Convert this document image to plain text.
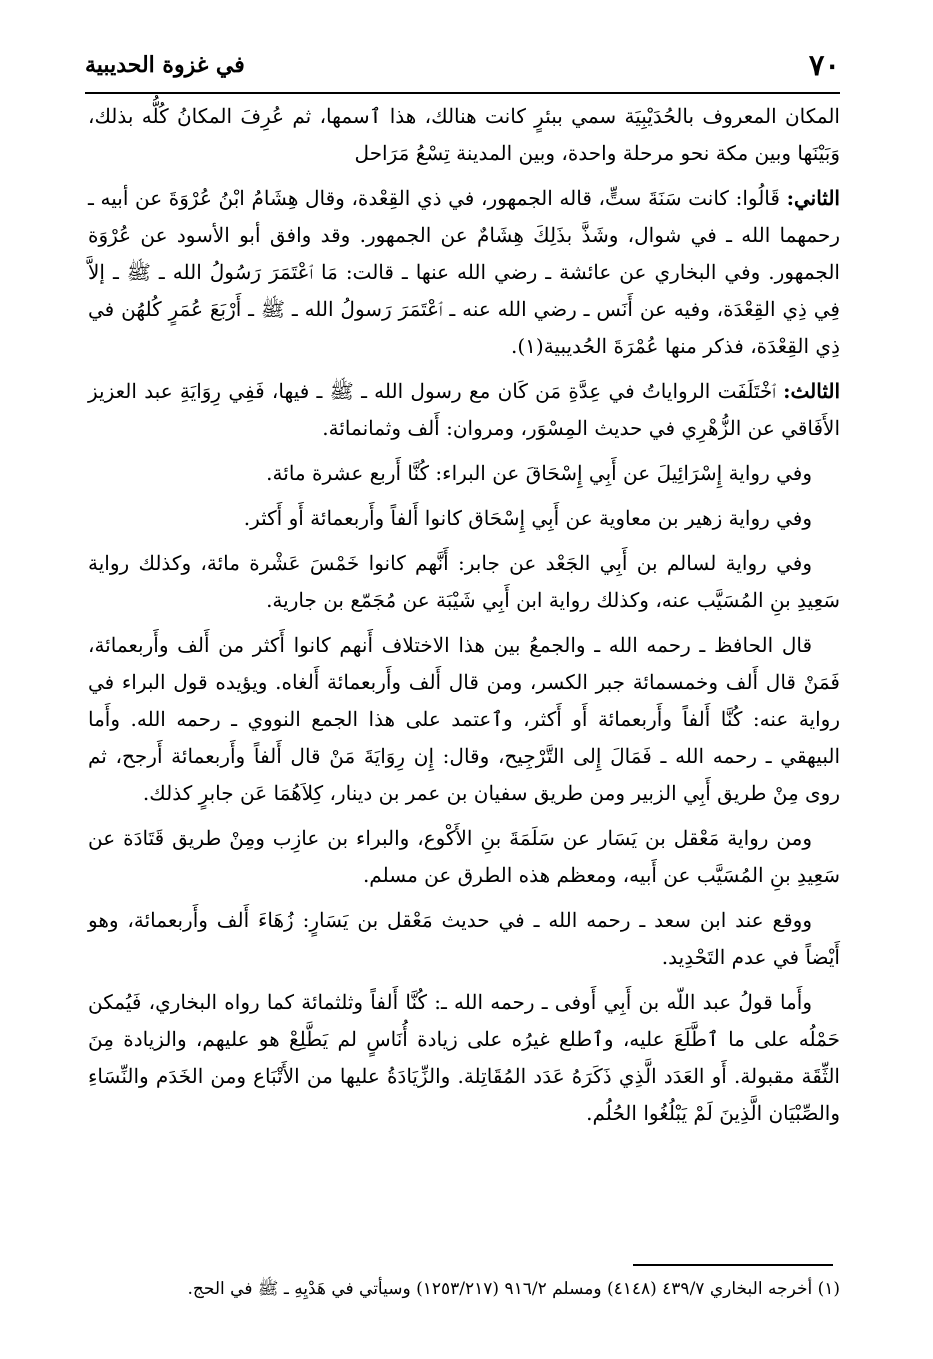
٧٠
في غزوة الحديبية

المكان المعروف بالحُدَيْبِيَة سمي ببئرٍ كانت هنالك، هذا ٱسمها، ثم عُرِفَ المكانُ كُلُّه بذلك، وَبَيْنَها وبين مكة نحو مرحلة واحدة، وبين المدينة تِسْعُ مَرَاحل

الثاني: قَالُوا: كانت سَنَةَ ستٍّ، قاله الجمهور، في ذي القِعْدة، وقال هِشَامُ ابْنُ عُرْوَةَ عن أبيه ـ رحمهما الله ـ في شوال، وشَذَّ بذَلِكَ هِشَامٌ عن الجمهور. وقد وافق أبو الأسود عن عُرْوَة الجمهور. وفي البخاري عن عائشة ـ رضي الله عنها ـ قالت: مَا ٱعْتَمَرَ رَسُولُ الله ـ ﷺ ـ إلاَّ فِي ذِي القِعْدَة، وفيه عن أَنَس ـ رضي الله عنه ـ ٱعْتَمَرَ رَسولُ الله ـ ﷺ ـ أَرْبَعَ عُمَرٍ كُلهُن في ذِي القِعْدَة، فذكر منها عُمْرَةَ الحُديبية(١).

الثالث: ٱخْتَلَفَت الرواياتُ في عِدَّةِ مَن كَان مع رسول الله ـ ﷺ ـ فيها، فَفِي رِوَايَةِ عبد العزيز الأَفَاقي عن الزُّهْرِي في حديث المِسْوَر، ومروان: أَلف وثمانمائة.

وفي رواية إِسْرَائِيلَ عن أَبِي إِسْحَاقَ عن البراء: كُنَّا أَربع عشرة مائة.

وفي رواية زهير بن معاوية عن أَبِي إِسْحَاق كانوا أَلفاً وأَربعمائة أَو أَكثر.

وفي رواية لسالم بن أَبِي الجَعْد عن جابر: أَنَّهم كانوا خَمْسَ عَشْرة مائة، وكذلك رواية سَعِيدِ بنِ المُسَيَّب عنه، وكذلك رواية ابن أَبِي شَيْبَة عن مُجَمّع بن جارية.

قال الحافظ ـ رحمه الله ـ والجمعُ بين هذا الاختلاف أَنهم كانوا أَكثر من أَلف وأَربعمائة، فَمَنْ قال أَلف وخمسمائة جبر الكسر، ومن قال أَلف وأَربعمائة أَلغاه. ويؤيده قول البراء في رواية عنه: كُنَّا أَلفاً وأَربعمائة أَو أَكثر، وٱعتمد على هذا الجمع النووي ـ رحمه الله. وأَما البيهقي ـ رحمه الله ـ فَمَالَ إِلى التَّرْجِيح، وقال: إِن رِوَايَةَ مَنْ قال أَلفاً وأَربعمائة أَرجح، ثم روى مِنْ طريق أَبِي الزبير ومن طريق سفيان بن عمر بن دينار، كِلاَهُمَا عَن جابرٍ كذلك.

ومن رواية مَعْقل بن يَسَار عن سَلَمَةَ بنِ الأَكْوع، والبراء بن عازِب ومِنْ طريق قَتَادَة عن سَعِيدِ بنِ المُسَيَّب عن أَبيه، ومعظم هذه الطرق عن مسلم.

ووقع عند ابن سعد ـ رحمه الله ـ في حديث مَعْقل بن يَسَارٍ: زُهَاءَ أَلف وأَربعمائة، وهو أَيْضاً في عدم التَحْدِيد.

وأَما قولُ عبد اللّه بن أَبِي أَوفى ـ رحمه الله ـ: كُنَّا أَلفاً وثلثمائة كما رواه البخاري، فَيُمكن حَمْلُه على ما ٱطَّلَعَ عليه، وٱطلع غيرُه على زيادة أُنَاسٍ لم يَطَّلِعْ هو عليهم، والزيادة مِنَ الثِّقَة مقبولة. أَو العَدَد الَّذِي ذَكَرَهُ عَدَد المُقَاتِلة. والزِّيَادَةُ عليها من الأَتْبَاع ومن الخَدَم والنِّسَاءِ والصِّبْيَان الَّذِينَ لَمْ يَبْلُغُوا الحُلُم.

(١) أخرجه البخاري ٤٣٩/٧ (٤١٤٨) ومسلم ٩١٦/٢ (١٢٥٣/٢١٧) وسيأتي في هَدْيِهِ ـ ﷺ في الحج.
